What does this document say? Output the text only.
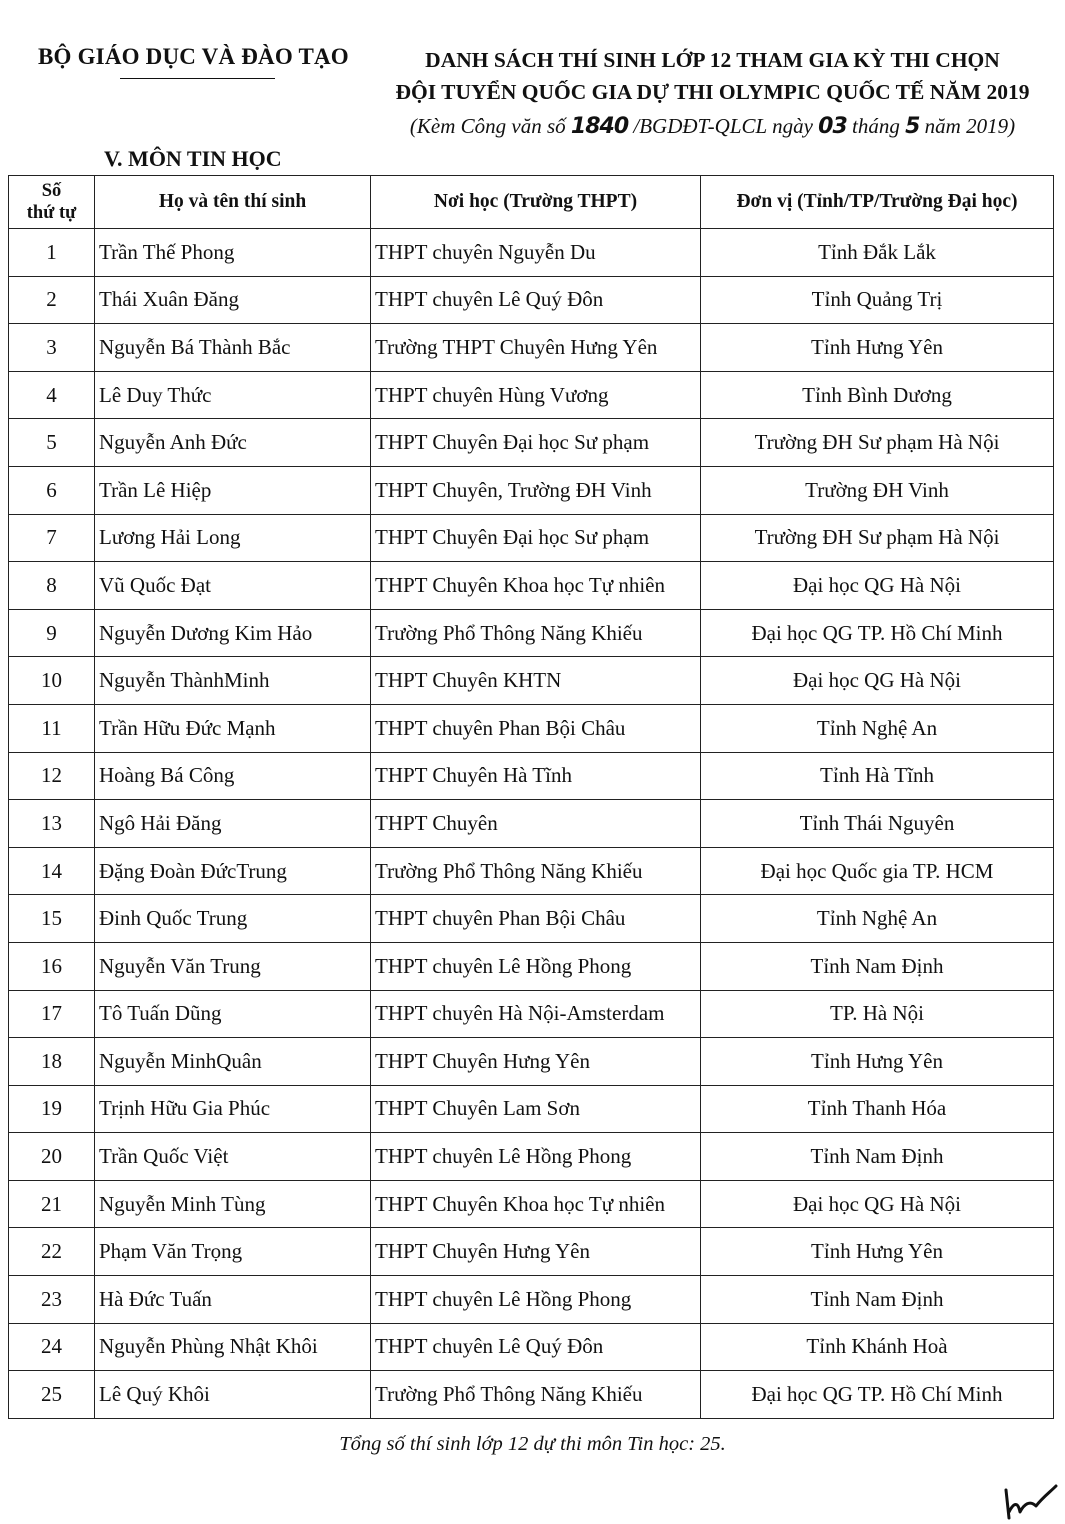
BỘ GIÁO DỤC VÀ ĐÀO TẠO	DANH SÁCH THÍ SINH LỚP 12 THAM GIA KỲ THI CHỌN
ĐỘI TUYỂN QUỐC GIA DỰ THI OLYMPIC QUỐC TẾ NĂM 2019
(Kèm Công văn số 1840 /BGDĐT-QLCL ngày 03 tháng 5 năm 2019)
V. MÔN TIN HỌC
Số
thứ tự	Họ và tên thí sinh	Nơi học (Trường THPT)	Đơn vị (Tỉnh/TP/Trường Đại học)
1	Trần Thế Phong	THPT chuyên Nguyễn Du	Tỉnh Đắk Lắk
2	Thái Xuân Đăng	THPT chuyên Lê Quý Đôn	Tỉnh Quảng Trị
3	Nguyễn Bá Thành Bắc	Trường THPT Chuyên Hưng Yên	Tỉnh Hưng Yên
4	Lê Duy Thức	THPT chuyên Hùng Vương	Tỉnh Bình Dương
5	Nguyễn Anh Đức	THPT Chuyên Đại học Sư phạm	Trường ĐH Sư phạm Hà Nội
6	Trần Lê Hiệp	THPT Chuyên, Trường ĐH Vinh	Trường ĐH Vinh
7	Lương Hải Long	THPT Chuyên Đại học Sư phạm	Trường ĐH Sư phạm Hà Nội
8	Vũ Quốc Đạt	THPT Chuyên Khoa học Tự nhiên	Đại học QG Hà Nội
9	Nguyễn Dương Kim Hảo	Trường Phổ Thông Năng Khiếu	Đại học QG TP. Hồ Chí Minh
10	Nguyễn ThànhMinh	THPT Chuyên KHTN	Đại học QG Hà Nội
11	Trần Hữu Đức Mạnh	THPT chuyên Phan Bội Châu	Tỉnh Nghệ An
12	Hoàng Bá Công	THPT Chuyên Hà Tĩnh	Tỉnh Hà Tĩnh
13	Ngô Hải Đăng	THPT Chuyên	Tỉnh Thái Nguyên
14	Đặng Đoàn ĐứcTrung	Trường Phổ Thông Năng Khiếu	Đại học Quốc gia TP. HCM
15	Đinh Quốc Trung	THPT chuyên Phan Bội Châu	Tỉnh Nghệ An
16	Nguyễn Văn Trung	THPT chuyên Lê Hồng Phong	Tỉnh Nam Định
17	Tô Tuấn Dũng	THPT chuyên Hà Nội-Amsterdam	TP. Hà Nội
18	Nguyễn MinhQuân	THPT Chuyên Hưng Yên	Tỉnh Hưng Yên
19	Trịnh Hữu Gia Phúc	THPT Chuyên Lam Sơn	Tỉnh Thanh Hóa
20	Trần Quốc Việt	THPT chuyên Lê Hồng Phong	Tỉnh Nam Định
21	Nguyễn Minh Tùng	THPT Chuyên Khoa học Tự nhiên	Đại học QG Hà Nội
22	Phạm Văn Trọng	THPT Chuyên Hưng Yên	Tỉnh Hưng Yên
23	Hà Đức Tuấn	THPT chuyên Lê Hồng Phong	Tỉnh Nam Định
24	Nguyễn Phùng Nhật Khôi	THPT chuyên Lê Quý Đôn	Tỉnh Khánh Hoà
25	Lê Quý Khôi	Trường Phổ Thông Năng Khiếu	Đại học QG TP. Hồ Chí Minh
Tổng số thí sinh lớp 12 dự thi môn Tin học: 25.
